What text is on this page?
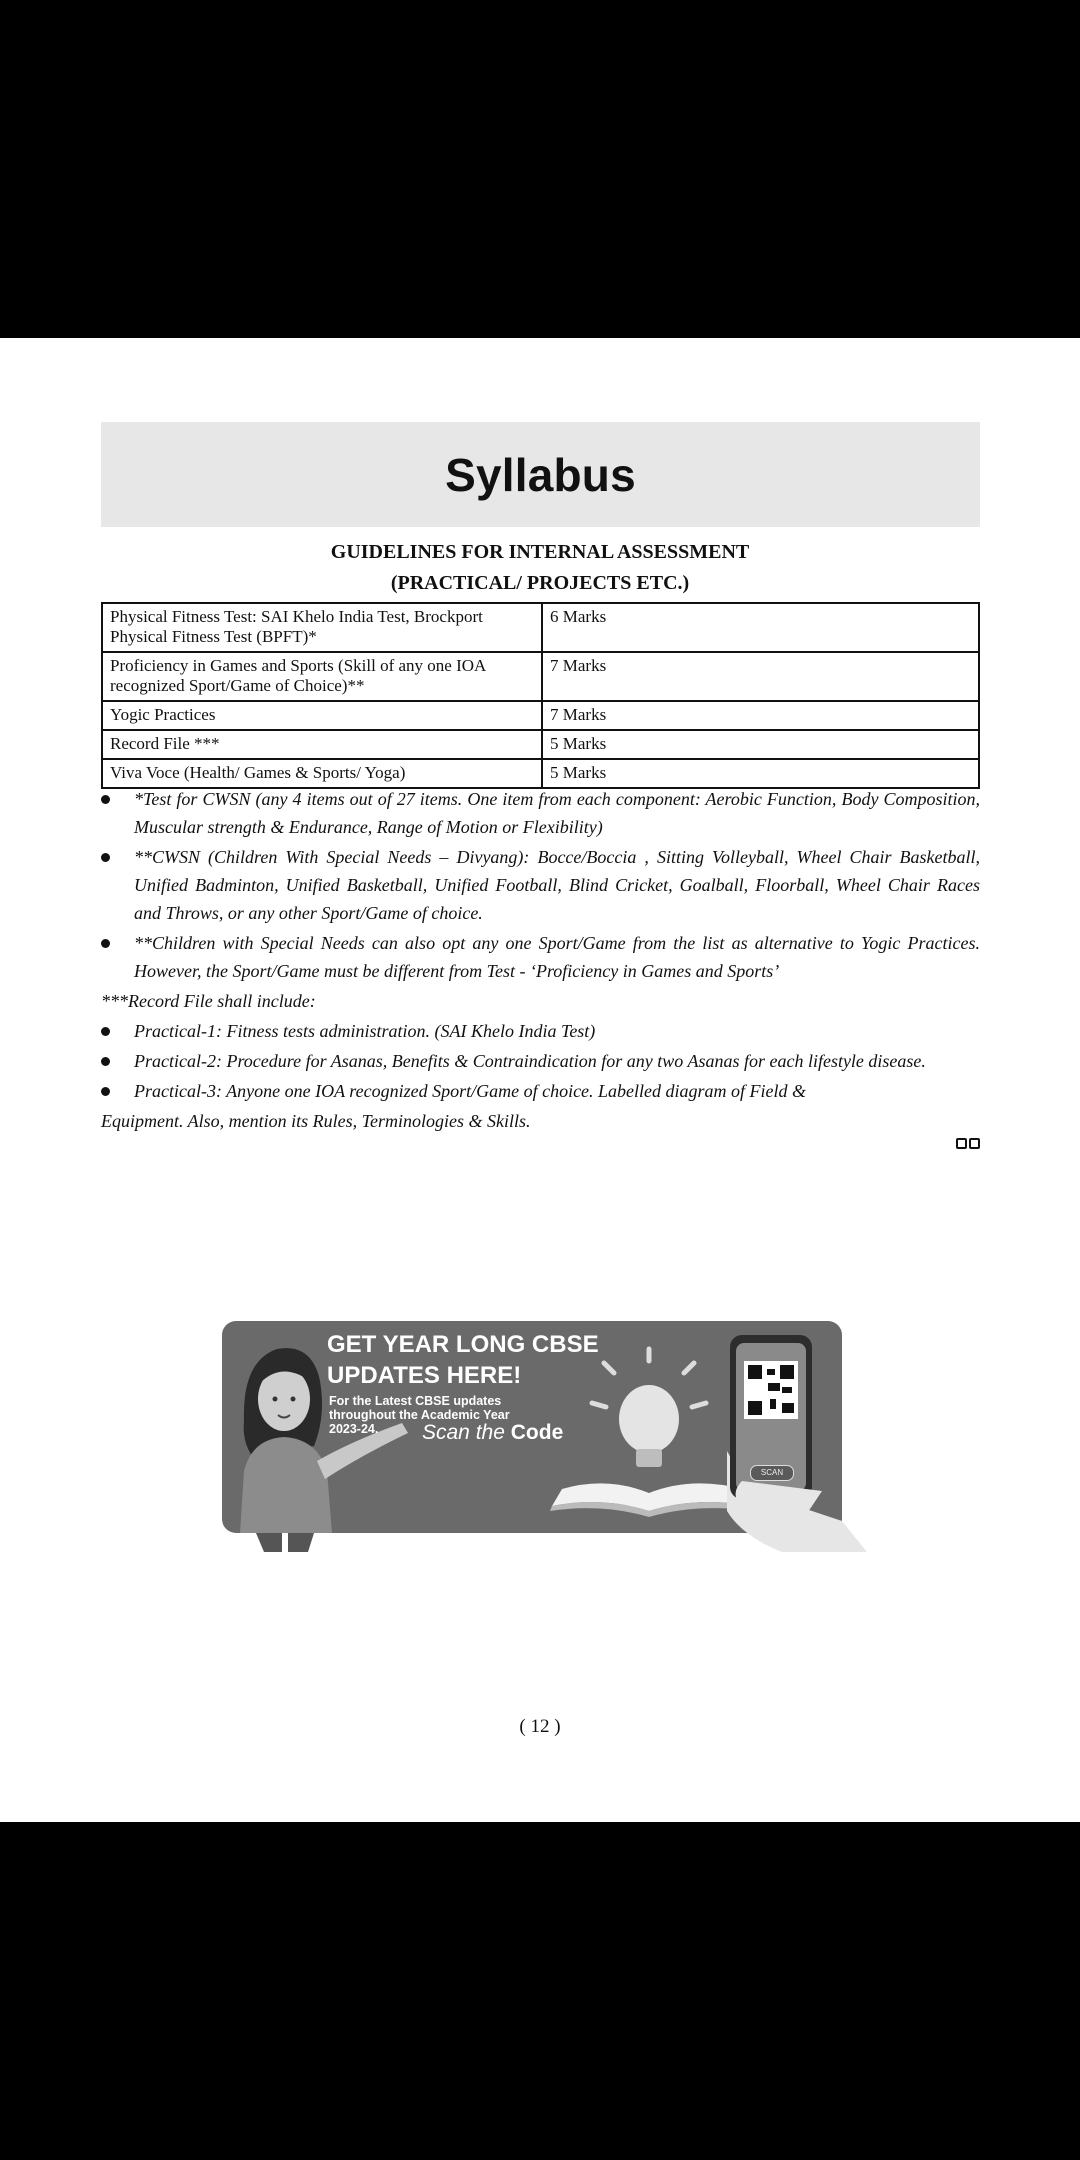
Syllabus
GUIDELINES FOR INTERNAL ASSESSMENT
(PRACTICAL/ PROJECTS ETC.)
Physical Fitness Test: SAI Khelo India Test, Brockport
Physical Fitness Test (BPFT)*	6 Marks

Proficiency in Games and Sports (Skill of any one IOA
recognized Sport/Game of Choice)**	7 Marks
Yogic Practices	7 Marks
Record File ***	5 Marks
Viva Voce (Health/ Games & Sports/ Yoga)	5 Marks
*Test for CWSN (any 4 items out of 27 items. One item from each component: Aerobic Function, Body Composition, Muscular strength & Endurance, Range of Motion or Flexibility)
**CWSN (Children With Special Needs – Divyang): Bocce/Boccia , Sitting Volleyball, Wheel Chair Basketball, Unified Badminton, Unified Basketball, Unified Football, Blind Cricket, Goalball, Floorball, Wheel Chair Races and Throws, or any other Sport/Game of choice.
**Children with Special Needs can also opt any one Sport/Game from the list as alternative to Yogic Practices. However, the Sport/Game must be different from Test - ‘Proficiency in Games and Sports’
***Record File shall include:
Practical-1: Fitness tests administration. (SAI Khelo India Test)
Practical-2: Procedure for Asanas, Benefits & Contraindication for any two Asanas for each lifestyle disease.
Practical-3: Anyone one IOA recognized Sport/Game of choice. Labelled diagram of Field &
Equipment. Also, mention its Rules, Terminologies & Skills.
GET YEAR LONG CBSE
UPDATES HERE!
For the Latest CBSE updates
throughout the Academic Year
2023-24.	Scan the Code
SCAN
( 12 )
